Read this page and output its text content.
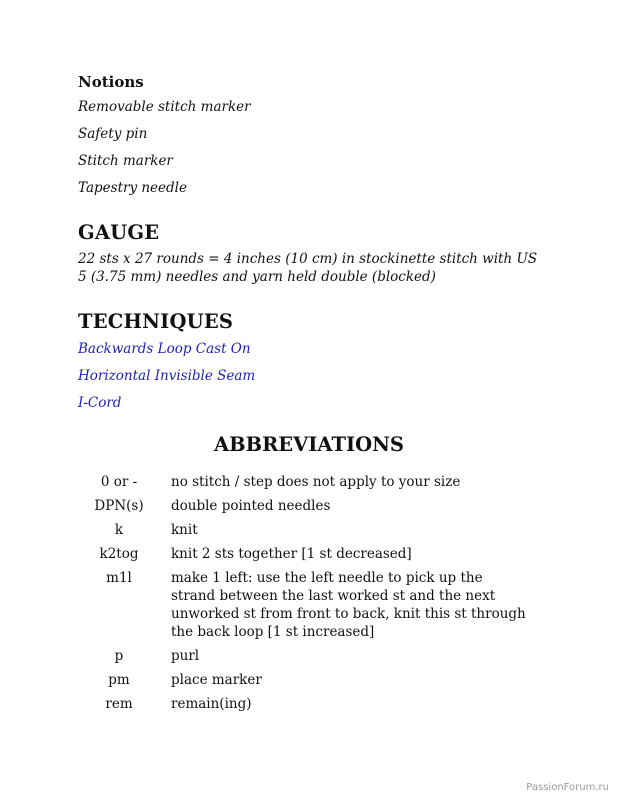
Notions
Removable stitch marker
Safety pin
Stitch marker
Tapestry needle
GAUGE

22 sts x 27 rounds = 4 inches (10 cm) in stockinette stitch with US 5 (3.75 mm) needles and yarn held double (blocked)

TECHNIQUES
Backwards Loop Cast On
Horizontal Invisible Seam
I-Cord
ABBREVIATIONS
0 or -		no stitch / step does not apply to your size
DPN(s)		double pointed needles
k		knit
k2tog		knit 2 sts together [1 st decreased]
m1l		make 1 left: use the left needle to pick up the strand between the last worked st and the next unworked st from front to back, knit this st through the back loop [1 st increased]
p		purl
pm		place marker
rem		remain(ing)

PassionForum.ru
